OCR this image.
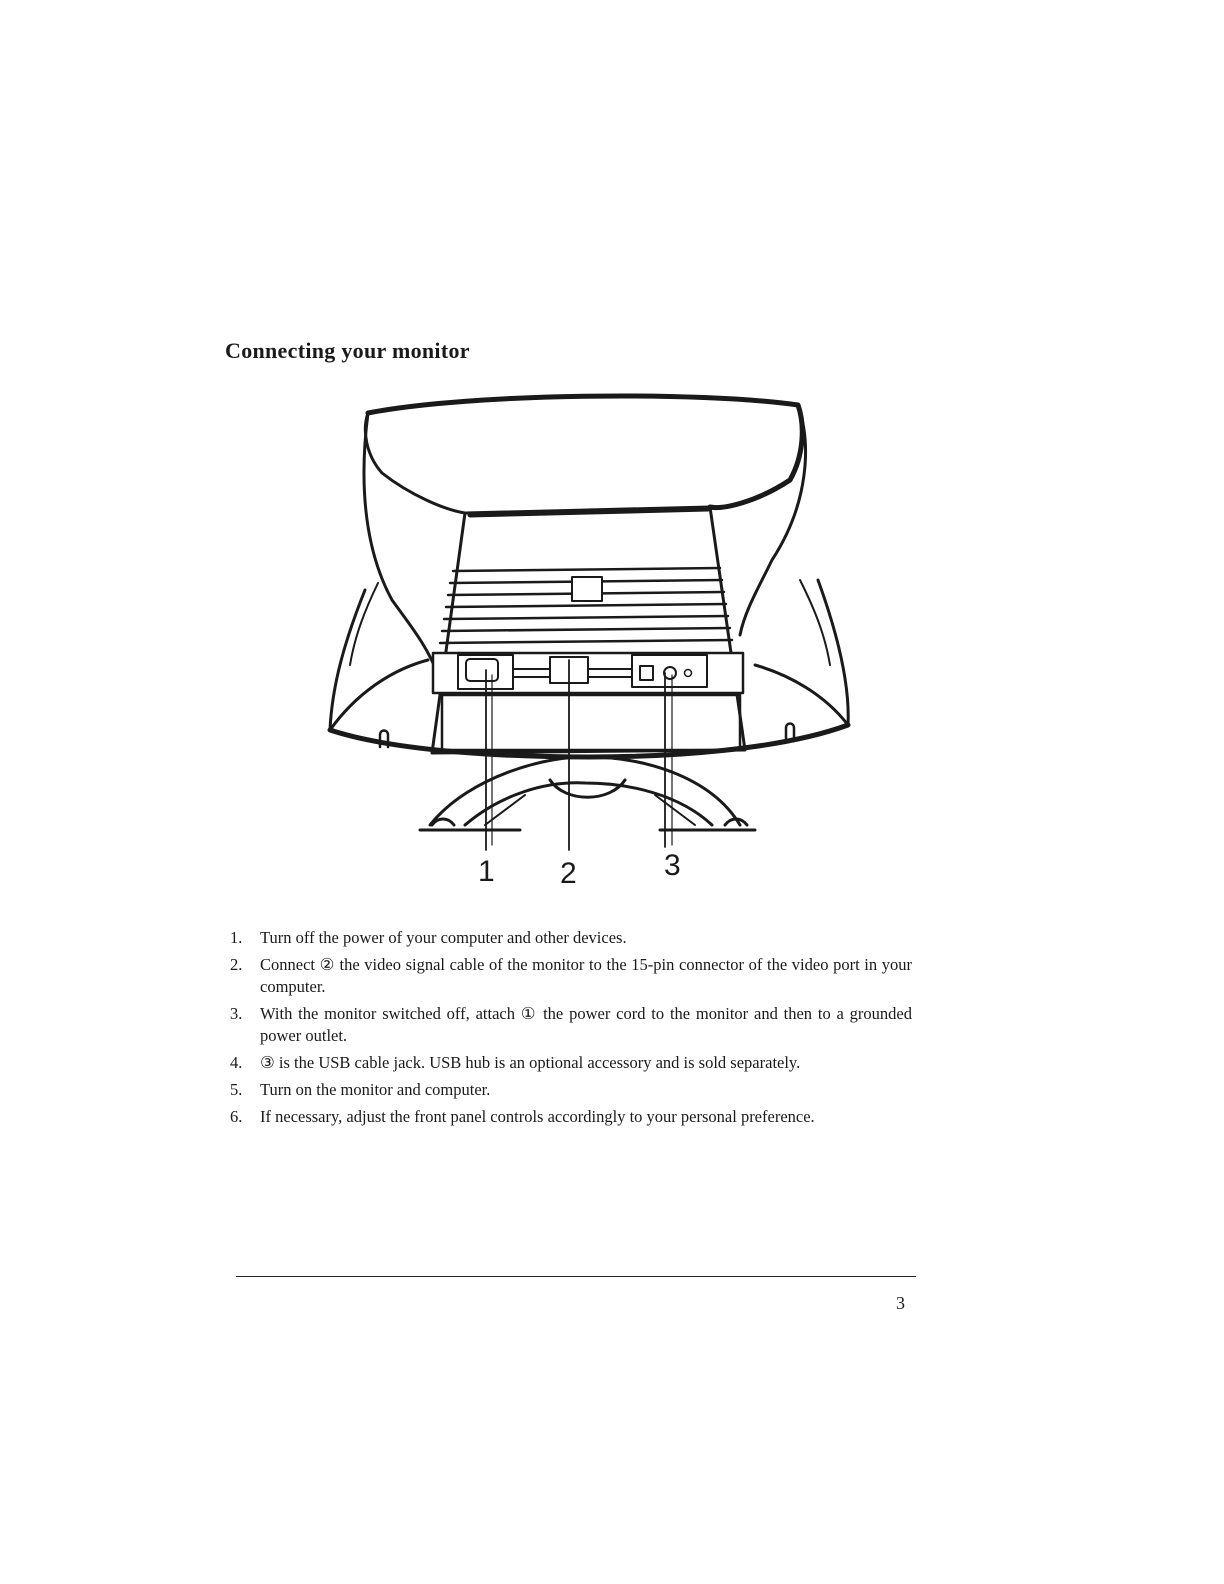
Connecting your monitor
1 2	3
1. Turn off the power of your computer and other devices.
2. Connect ② the video signal cable of the monitor to the 15-pin connector of the video port in your computer.
3. With the monitor switched off, attach ① the power cord to the monitor and then to a grounded power outlet.
4. ③ is the USB cable jack. USB hub is an optional accessory and is sold separately.
5. Turn on the monitor and computer.
6. If necessary, adjust the front panel controls accordingly to your personal preference.
3
